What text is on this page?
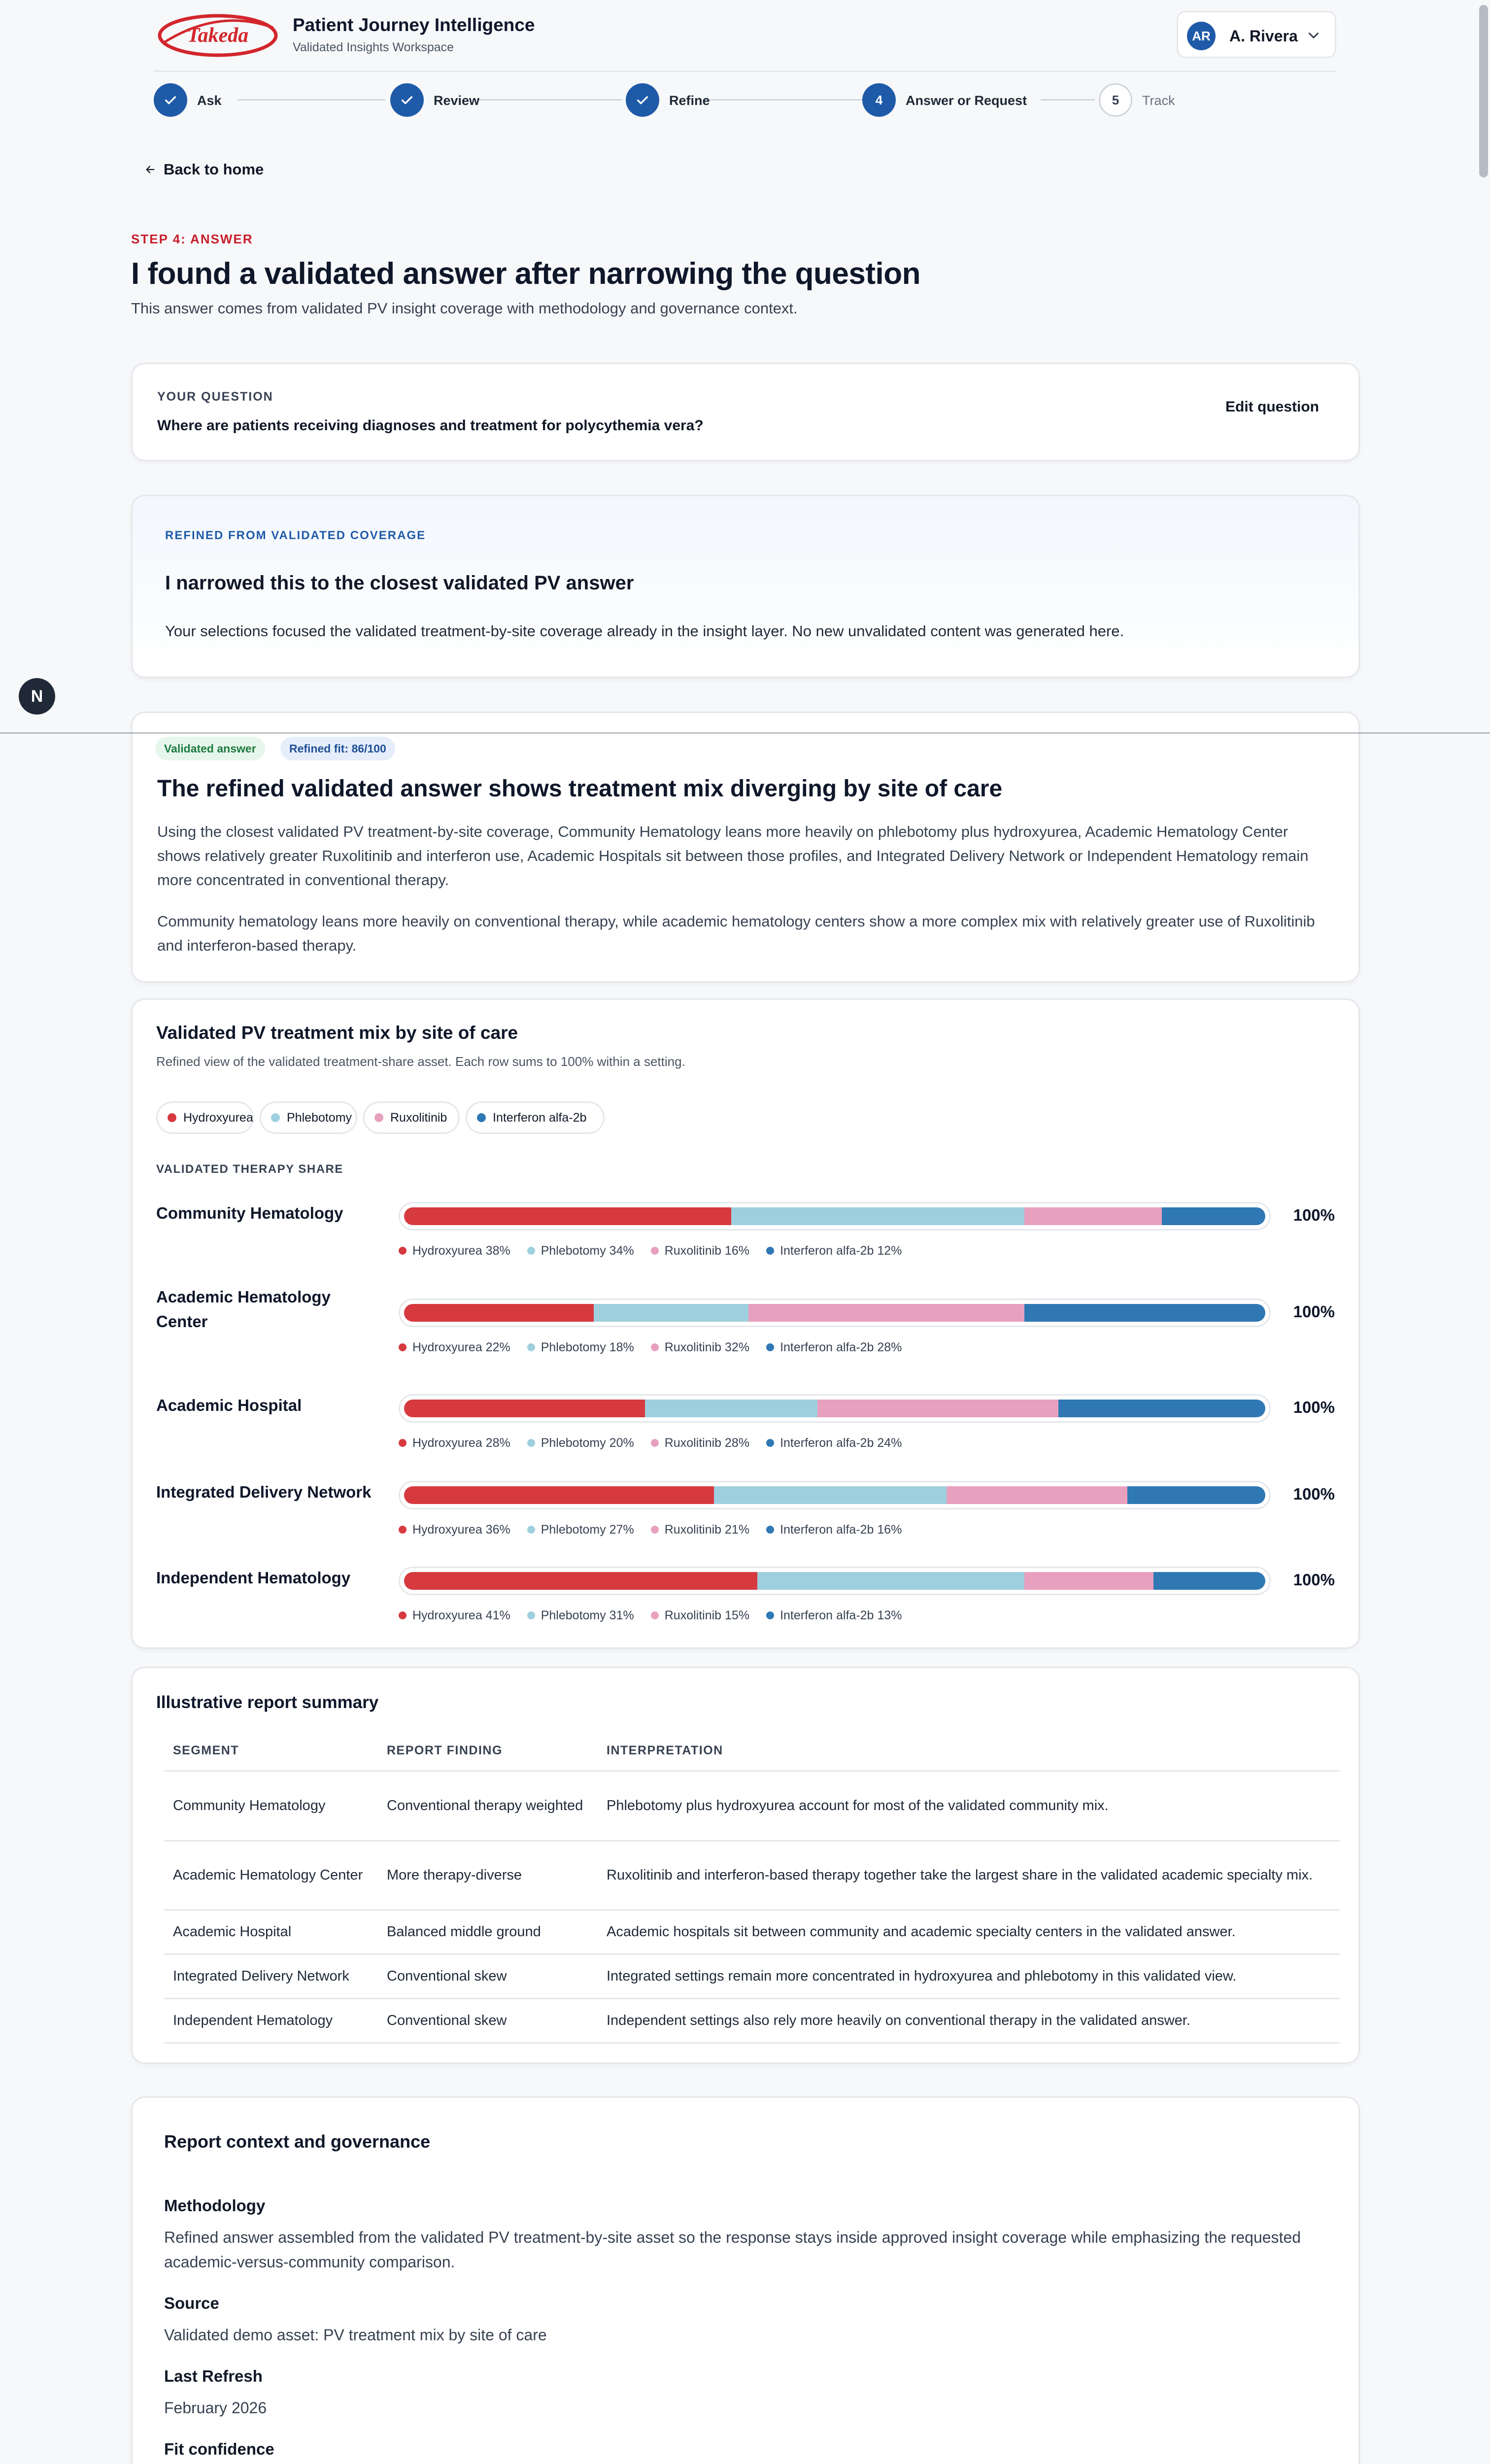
Takeda Patient Journey Intelligence
Validated Insights Workspace
AR	A. Rivera
Ask	Review	Refine	4	Answer or Request	5	Track
Back to home
STEP 4: ANSWER
I found a validated answer after narrowing the question
This answer comes from validated PV insight coverage with methodology and governance context.
YOUR QUESTION
Where are patients receiving diagnoses and treatment for polycythemia vera?
Edit question
REFINED FROM VALIDATED COVERAGE
I narrowed this to the closest validated PV answer
Your selections focused the validated treatment-by-site coverage already in the insight layer. No new unvalidated content was generated here.
Validated answer	Refined fit: 86/100
The refined validated answer shows treatment mix diverging by site of care
Using the closest validated PV treatment-by-site coverage, Community Hematology leans more heavily on phlebotomy plus hydroxyurea, Academic Hematology Center shows relatively greater Ruxolitinib and interferon use, Academic Hospitals sit between those profiles, and Integrated Delivery Network or Independent Hematology remain more concentrated in conventional therapy.
Community hematology leans more heavily on conventional therapy, while academic hematology centers show a more complex mix with relatively greater use of Ruxolitinib and interferon-based therapy.
Validated PV treatment mix by site of care
Refined view of the validated treatment-share asset. Each row sums to 100% within a setting.
VALIDATED THERAPY SHARE
Hydroxyurea	Phlebotomy	Ruxolitinib	Interferon alfa-2b
Community Hematology	100%
Hydroxyurea 38% Phlebotomy 34% Ruxolitinib 16% Interferon alfa-2b 12%
Academic Hematology Center
100%
Hydroxyurea 22% Phlebotomy 18% Ruxolitinib 32% Interferon alfa-2b 28%
Academic Hospital	100%
Hydroxyurea 28% Phlebotomy 20% Ruxolitinib 28% Interferon alfa-2b 24%
Integrated Delivery Network	100%
Hydroxyurea 36% Phlebotomy 27% Ruxolitinib 21% Interferon alfa-2b 16%
Independent Hematology	100%
Hydroxyurea 41% Phlebotomy 31% Ruxolitinib 15% Interferon alfa-2b 13%
Illustrative report summary
SEGMENT	REPORT FINDING	INTERPRETATION
Community Hematology	Conventional therapy weighted	Phlebotomy plus hydroxyurea account for most of the validated community mix.
Academic Hematology Center	More therapy-diverse	Ruxolitinib and interferon-based therapy together take the largest share in the validated academic specialty mix.
Academic Hospital	Balanced middle ground	Academic hospitals sit between community and academic specialty centers in the validated answer.
Integrated Delivery Network	Conventional skew	Integrated settings remain more concentrated in hydroxyurea and phlebotomy in this validated view.
Independent Hematology	Conventional skew	Independent settings also rely more heavily on conventional therapy in the validated answer.
Report context and governance
Methodology
Refined answer assembled from the validated PV treatment-by-site asset so the response stays inside approved insight coverage while emphasizing the requested academic-versus-community comparison.
Source
Validated demo asset: PV treatment mix by site of care
Last Refresh
February 2026
Fit confidence
N
